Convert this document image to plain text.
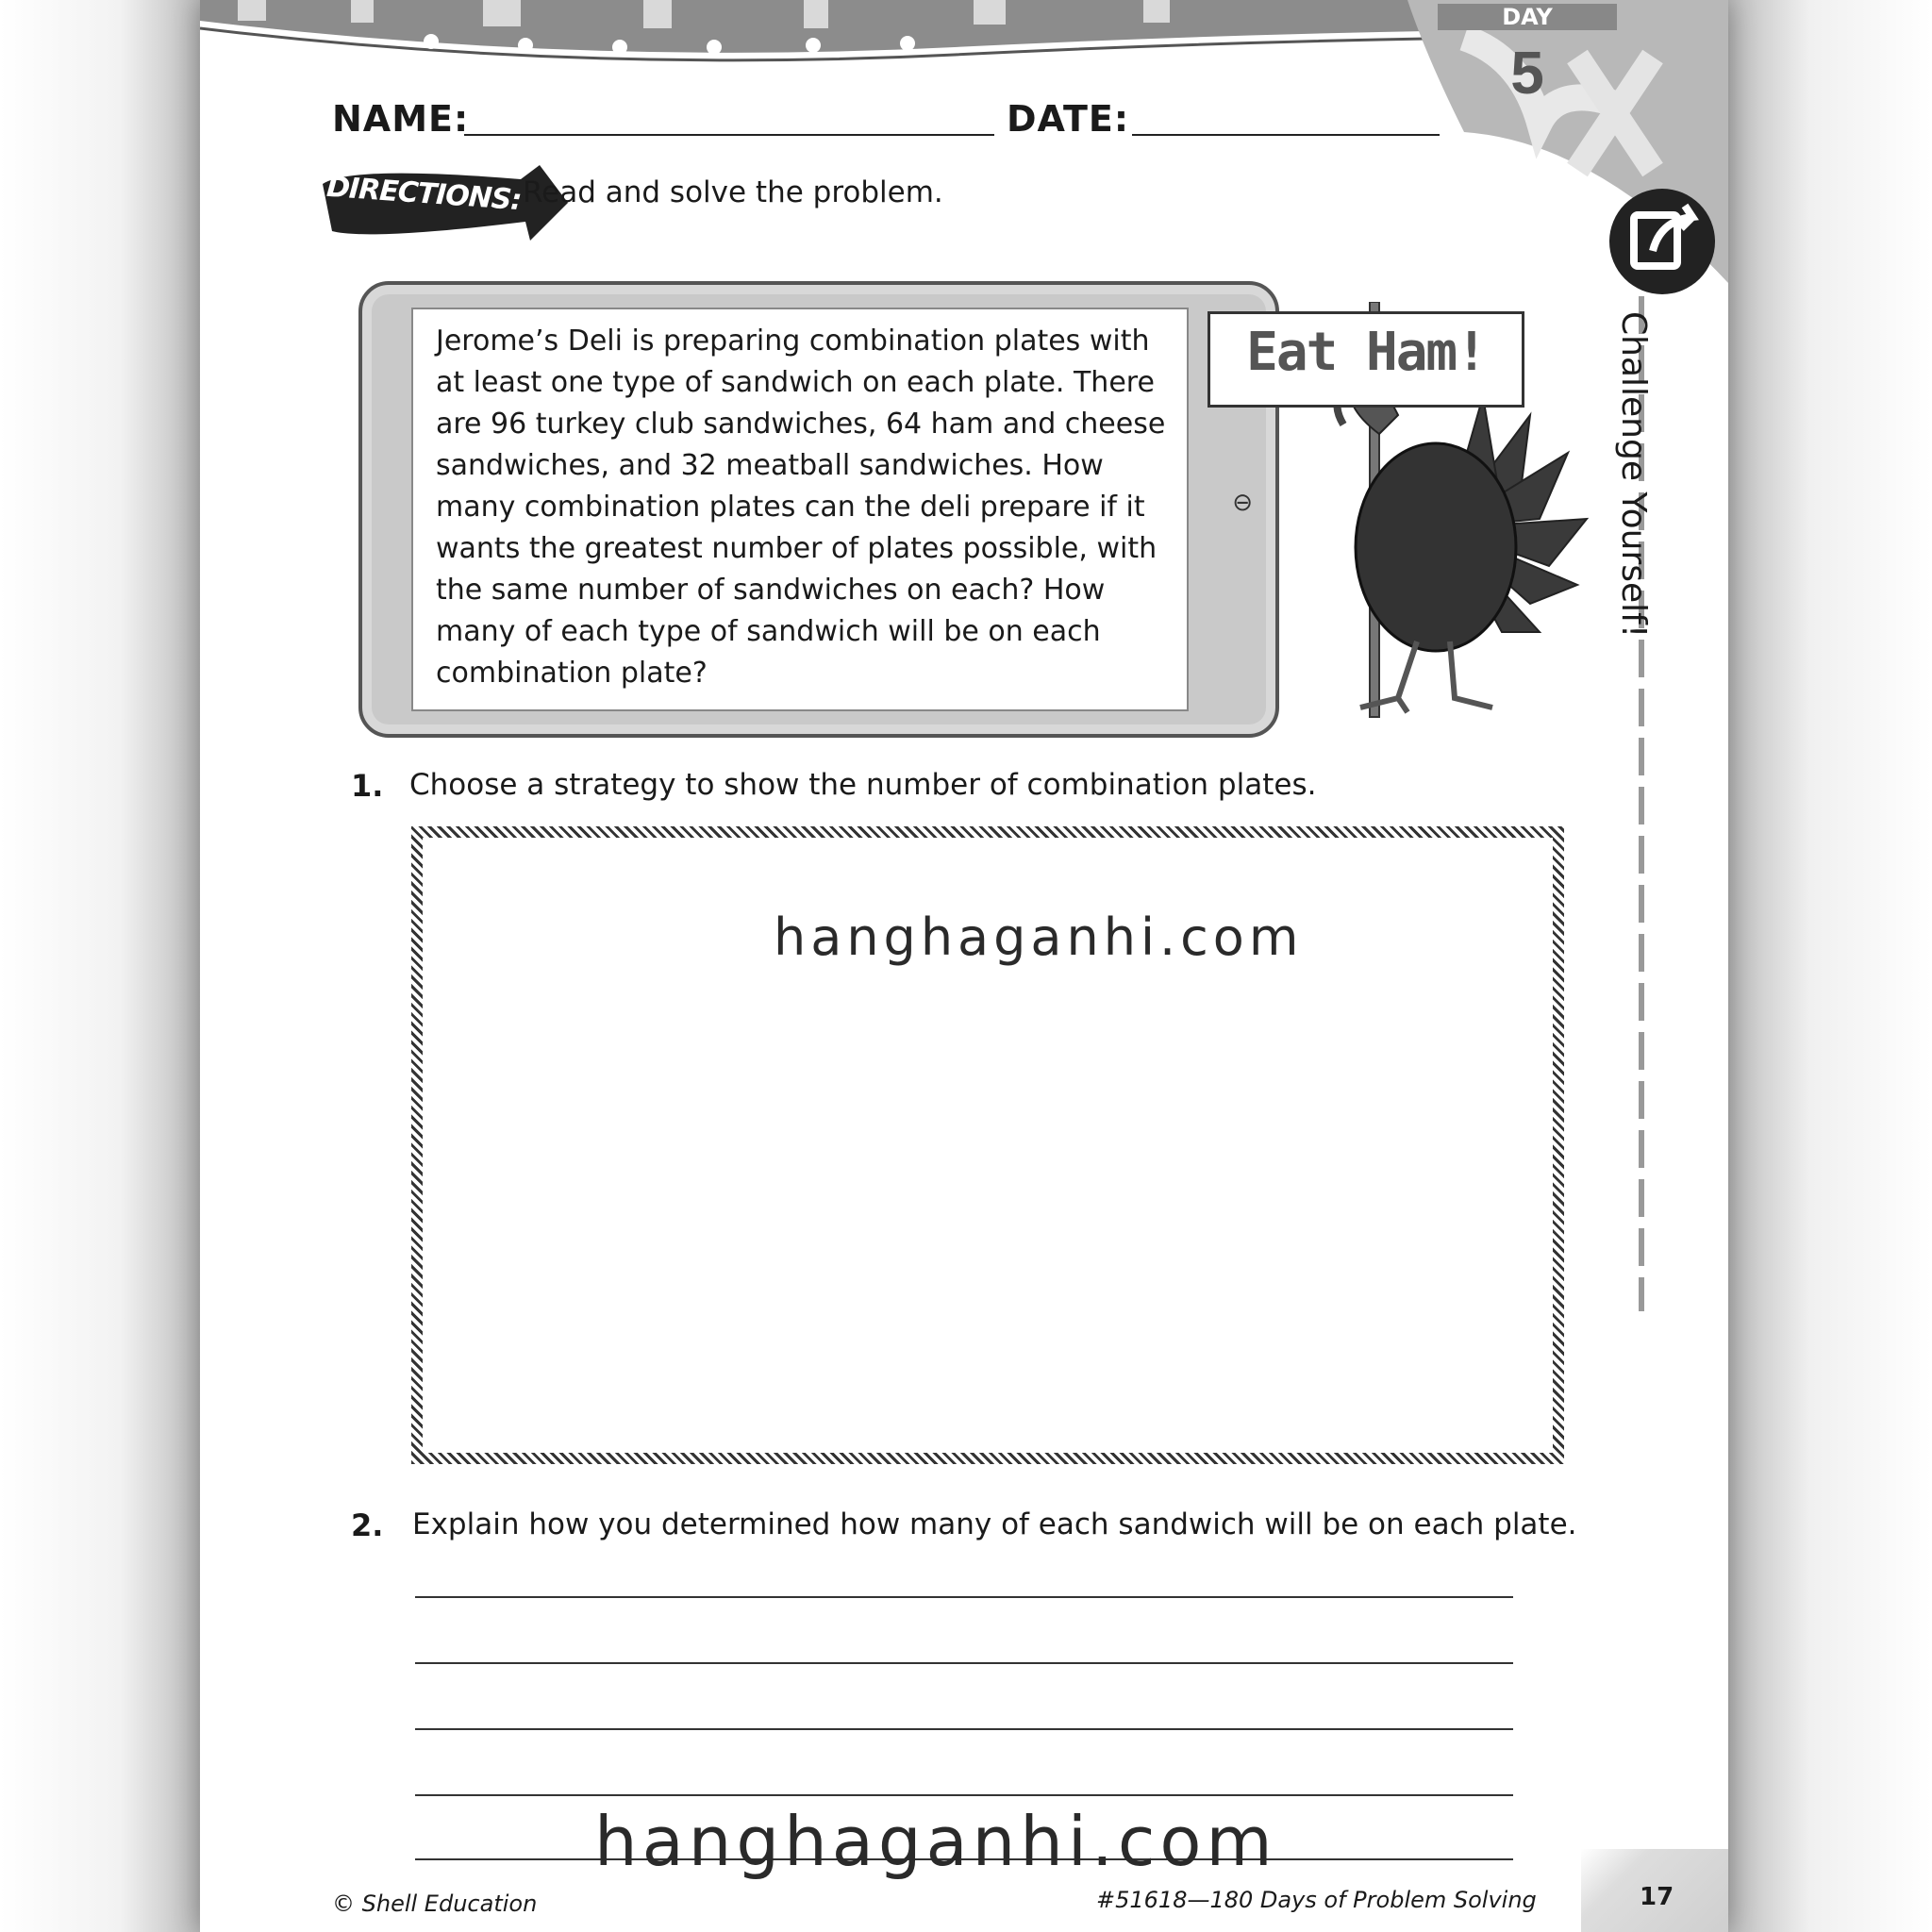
DAY
5
NAME:	DATE:
DIRECTIONS: Read and solve the problem.
Jerome’s Deli is preparing combination plates with
at least one type of sandwich on each plate. There
are 96 turkey club sandwiches, 64 ham and cheese
sandwiches, and 32 meatball sandwiches. How
many combination plates can the deli prepare if it
wants the greatest number of plates possible, with
the same number of sandwiches on each? How
many of each type of sandwich will be on each
combination plate?
⊖
Eat Ham!	Challenge Yourself!
1. Choose a strategy to show the number of combination plates.
hanghaganhi.com
2. Explain how you determined how many of each sandwich will be on each plate.
hanghaganhi.com
© Shell Education	#51618—180 Days of Problem Solving	17
